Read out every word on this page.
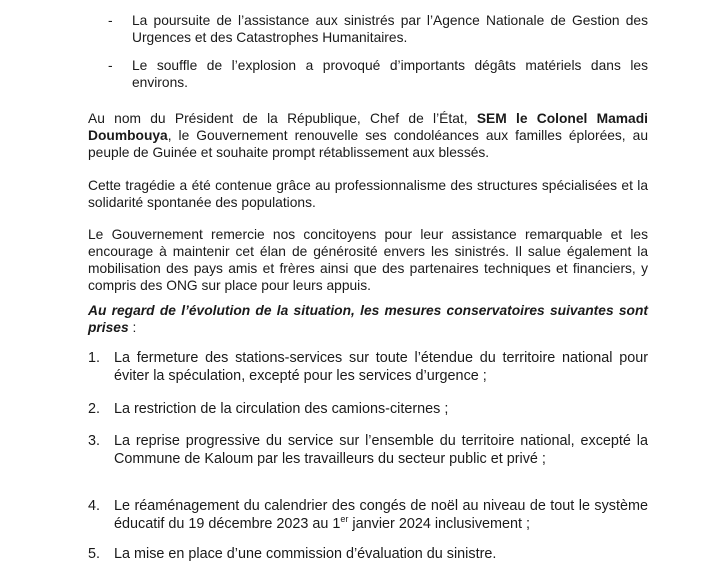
- La poursuite de l’assistance aux sinistrés par l’Agence Nationale de Gestion des Urgences et des Catastrophes Humanitaires.
- Le souffle de l’explosion a provoqué d’importants dégâts matériels dans les environs.

Au nom du Président de la République, Chef de l’État, SEM le Colonel Mamadi Doumbouya, le Gouvernement renouvelle ses condoléances aux familles éplorées, au peuple de Guinée et souhaite prompt rétablissement aux blessés.

Cette tragédie a été contenue grâce au professionnalisme des structures spécialisées et la solidarité spontanée des populations.

Le Gouvernement remercie nos concitoyens pour leur assistance remarquable et les encourage à maintenir cet élan de générosité envers les sinistrés. Il salue également la mobilisation des pays amis et frères ainsi que des partenaires techniques et financiers, y compris des ONG sur place pour leurs appuis.

Au regard de l’évolution de la situation, les mesures conservatoires suivantes sont prises :

1. La fermeture des stations-services sur toute l’étendue du territoire national pour éviter la spéculation, excepté pour les services d’urgence ;
2. La restriction de la circulation des camions-citernes ;
3. La reprise progressive du service sur l’ensemble du territoire national, excepté la Commune de Kaloum par les travailleurs du secteur public et privé ;
4. Le réaménagement du calendrier des congés de noël au niveau de tout le système éducatif du 19 décembre 2023 au 1er janvier 2024 inclusivement ;
5. La mise en place d’une commission d’évaluation du sinistre.
